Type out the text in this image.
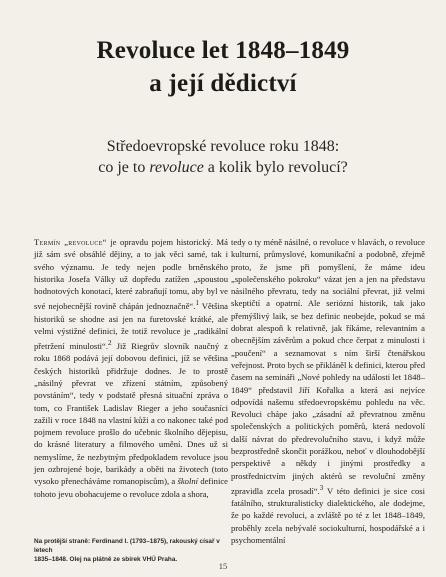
Revoluce let 1848–1849
a její dědictví
Středoevropské revoluce roku 1848:
co je to revoluce a kolik bylo revolucí?

Termín „revoluce“ je opravdu pojem historický. Má již sám své obsáhlé dějiny, a to jak věci samé, tak i svého významu. Je tedy nejen podle brněnského historika Josefa Války už dopředu zatížen „spoustou hodnotových konotací, které zabraňují tomu, aby byl ve své nejobecnější rovině chápán jednoznačně“.$^1$ Většina historiků se shodne asi jen na furetovské krátké, ale velmi výstižné definici, že totiž revoluce je „radikální přetržení minulosti“.$^2$ Již Riegrův slovník naučný z roku 1868 podává její dobovou definici, jíž se většina českých historiků přidržuje dodnes. Je to prostě „násilný převrat ve zřízení státním, způsobený povstáním“, tedy v podstatě přesná situační zpráva o tom, co František Ladislav Rieger a jeho současníci zažili v roce 1848 na vlastní kůži a co nakonec také pod pojmem revoluce prošlo do učebnic školního dějepisu, do krásné literatury a filmového umění. Dnes už si nemyslíme, že nezbytným předpokladem revoluce jsou jen ozbrojené boje, barikády a oběti na životech (toto vysoko přenecháváme romanopiscům), a školní definice tohoto jevu obohacujeme o revoluce zdola a shora,

Na protější straně: Ferdinand I. (1793–1875), rakouský císař v letech
1835–1848. Olej na plátně ze sbírek VHÚ Praha.

tedy o ty méně násilné, o revoluce v hlavách, o revoluce kulturní, průmyslové, komunikační a podobně, zřejmě proto, že jsme při pomyšlení, že máme ideu „společenského pokroku“ vázat jen a jen na představu násilného převratu, tedy na sociální převrat, již velmi skeptičtí a opatrní. Ale seriózní historik, tak jako přemýšlivý laik, se bez definic neobejde, pokud se má dobrat alespoň k relativně, jak říkáme, relevantním a obecnějším závěrům a pokud chce čerpat z minulosti i „poučení“ a seznamovat s ním širší čtenářskou veřejnost. Proto bych se přikláněl k definici, kterou před časem na semináři „Nové pohledy na události let 1848–1849“ představil Jiří Kořalka a která asi nejvíce odpovídá našemu středoevropskému pohledu na věc. Revoluci chápe jako „zásadní až převratnou změnu společenských a politických poměrů, která nedovolí další návrat do předrevolučního stavu, i když může bezprostředně skončit porážkou, neboť v dlouhodobější perspektivě a někdy i jinými prostředky a prostřednictvím jiných aktérů se revoluční změny zpravidla zcela prosadí“.$^3$ V této definici je sice cosi fatálního, strukturalisticky dialektického, ale dodejme, že po každé revoluci, a zvláště po té z let 1848–1849, proběhly zcela nebývalé sociokulturní, hospodářské a i psychomentální

15
